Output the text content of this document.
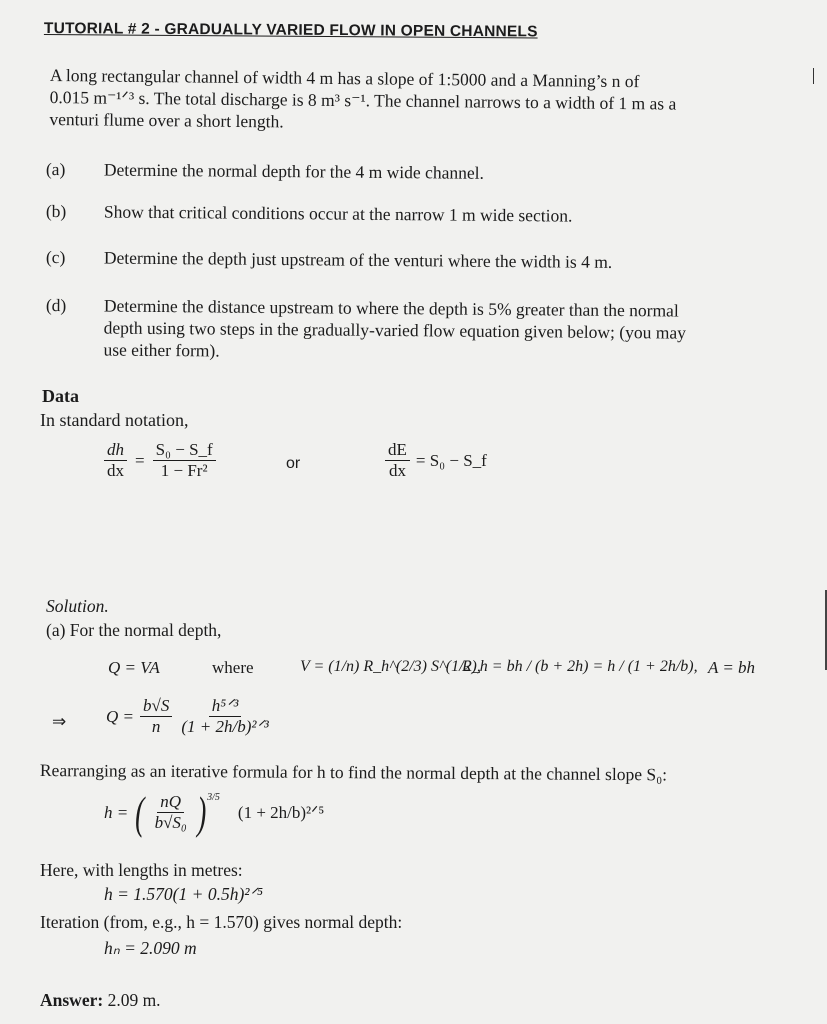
TUTORIAL # 2 - GRADUALLY VARIED FLOW IN OPEN CHANNELS
A long rectangular channel of width 4 m has a slope of 1:5000 and a Manning’s n of
0.015 m⁻¹ᐟ³ s. The total discharge is 8 m³ s⁻¹. The channel narrows to a width of 1 m as a
venturi flume over a short length.
(a) Determine the normal depth for the 4 m wide channel.
(b) Show that critical conditions occur at the narrow 1 m wide section.
(c) Determine the depth just upstream of the venturi where the width is 4 m.
(d) Determine the distance upstream to where the depth is 5% greater than the normal
depth using two steps in the gradually-varied flow equation given below; (you may
use either form).
Data
In standard notation,
$\frac{dh}{dx} = \frac{\text{S₀ − S\_f}}{\text{1 − Fr²}}$	or	$\frac{dE}{dx} = S_0$ − S_f
Solution.
(a) For the normal depth,
Q = VA	where	V = (1/n) R_h^(2/3) S^(1/2),
R_h = bh / (b + 2h) = h / (1 + 2h/b), A = bh
⇒ $Q = \frac{b√S}{n} \frac{\text{h⁵ᐟ³}}{\text{(1 + 2h/b)²ᐟ³}}$
Rearranging as an iterative formula for h to find the normal depth at the channel slope S₀:
h = ( $\frac{nQ}{\text{b√S₀}}$ ) 3/5
(1 + 2h/b)²ᐟ⁵
Here, with lengths in metres:
h = 1.570(1 + 0.5h)²ᐟ⁵
Iteration (from, e.g., h = 1.570) gives normal depth:
hₙ = 2.090 m
Answer: 2.09 m.
